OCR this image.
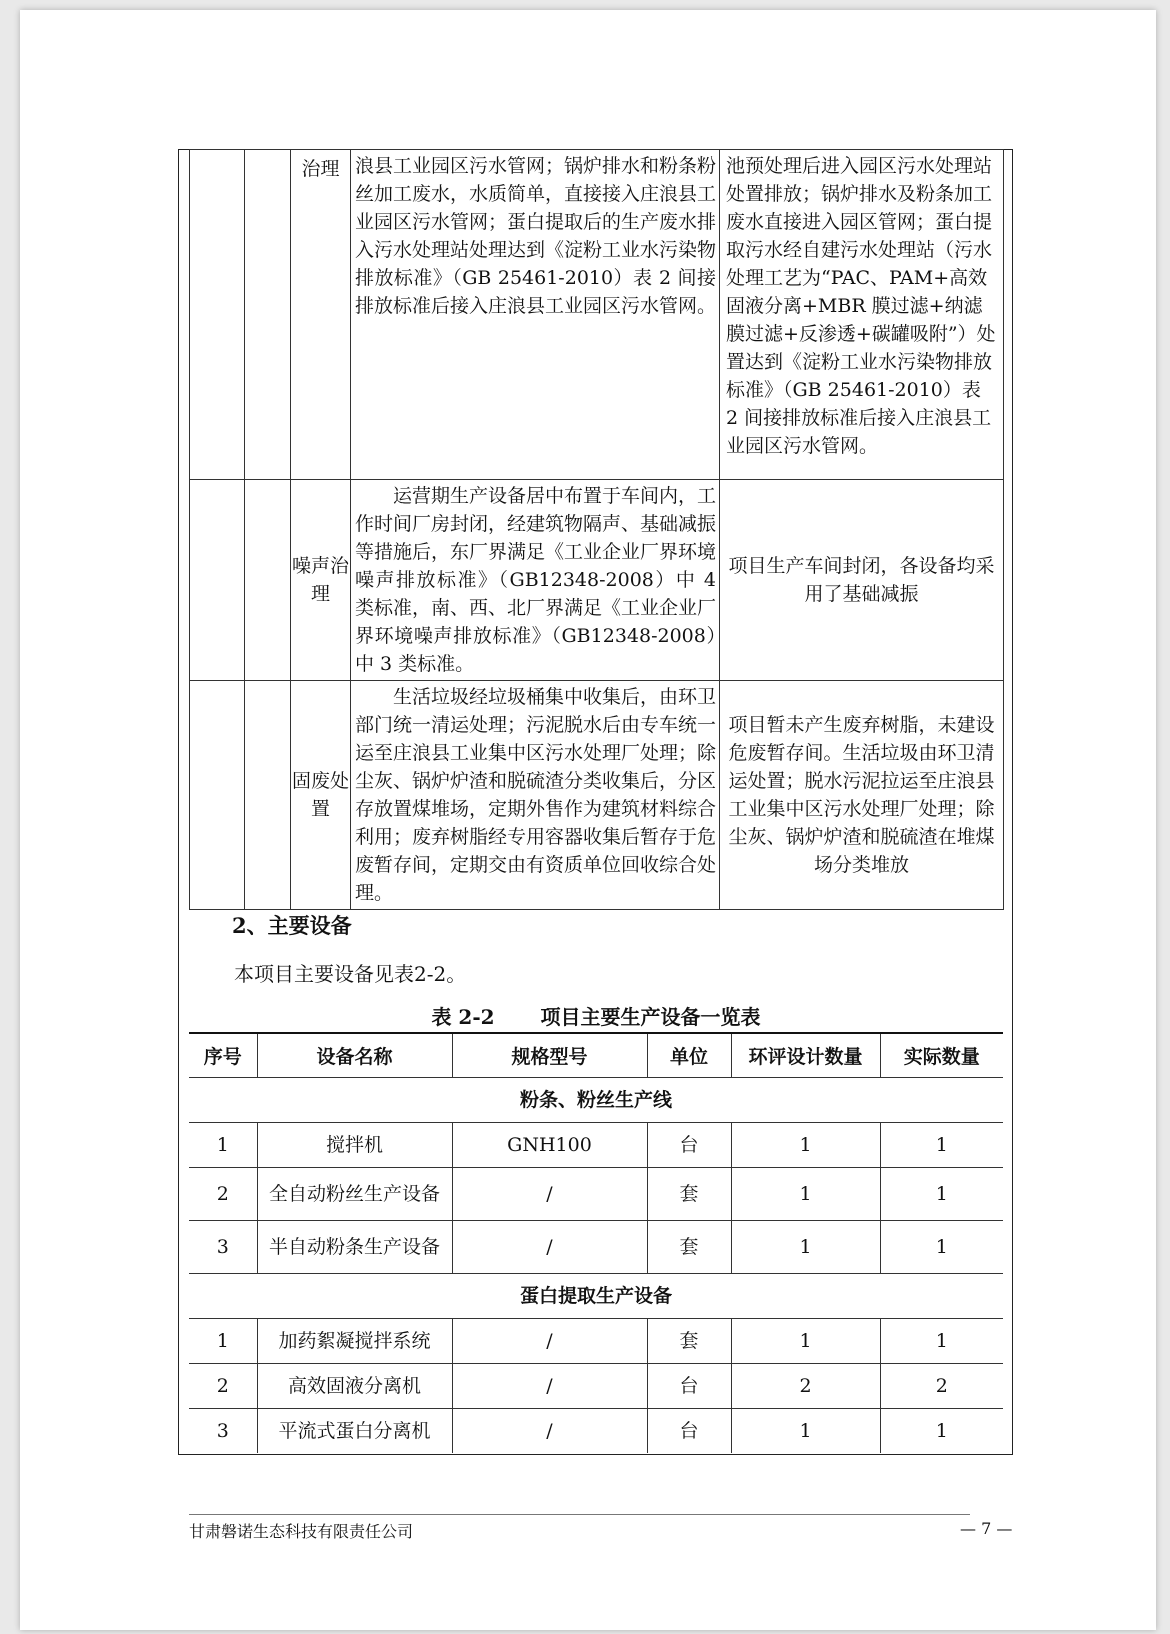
		治理	浪县工业园区污水管网；锅炉排水和粉条粉丝加工废水，水质简单，直接接入庄浪县工业园区污水管网；蛋白提取后的生产废水排入污水处理站处理达到《淀粉工业水污染物排放标准》（GB 25461-2010）表 2 间接排放标准后接入庄浪县工业园区污水管网。	池预处理后进入园区污水处理站处置排放；锅炉排水及粉条加工废水直接进入园区管网；蛋白提取污水经自建污水处理站（污水处理工艺为“PAC、PAM+高效固液分离+MBR 膜过滤+纳滤膜过滤+反渗透+碳罐吸附”）处置达到《淀粉工业水污染物排放标准》（GB 25461-2010）表 2 间接排放标准后接入庄浪县工业园区污水管网。
		噪声治理	运营期生产设备居中布置于车间内，工作时间厂房封闭，经建筑物隔声、基础减振等措施后，东厂界满足《工业企业厂界环境噪声排放标准》（GB12348-2008）中 4 类标准，南、西、北厂界满足《工业企业厂界环境噪声排放标准》（GB12348-2008）中 3 类标准。	项目生产车间封闭，各设备均采用了基础减振
		固废处置	生活垃圾经垃圾桶集中收集后，由环卫部门统一清运处理；污泥脱水后由专车统一运至庄浪县工业集中区污水处理厂处理；除尘灰、锅炉炉渣和脱硫渣分类收集后，分区存放置煤堆场，定期外售作为建筑材料综合利用；废弃树脂经专用容器收集后暂存于危废暂存间，定期交由有资质单位回收综合处理。	项目暂未产生废弃树脂，未建设危废暂存间。生活垃圾由环卫清运处置；脱水污泥拉运至庄浪县工业集中区污水处理厂处理；除尘灰、锅炉炉渣和脱硫渣在堆煤场分类堆放
2、主要设备
本项目主要设备见表2-2。
表 2-2 项目主要生产设备一览表
序号	设备名称	规格型号	单位	环评设计数量	实际数量
粉条、粉丝生产线					
1	搅拌机	GNH100	台	1	1
2	全自动粉丝生产设备	/	套	1	1
3	半自动粉条生产设备	/	套	1	1
蛋白提取生产设备					
1	加药絮凝搅拌系统	/	套	1	1
2	高效固液分离机	/	台	2	2
3	平流式蛋白分离机	/	台	1	1
甘肃磐诺生态科技有限责任公司	— 7 —
